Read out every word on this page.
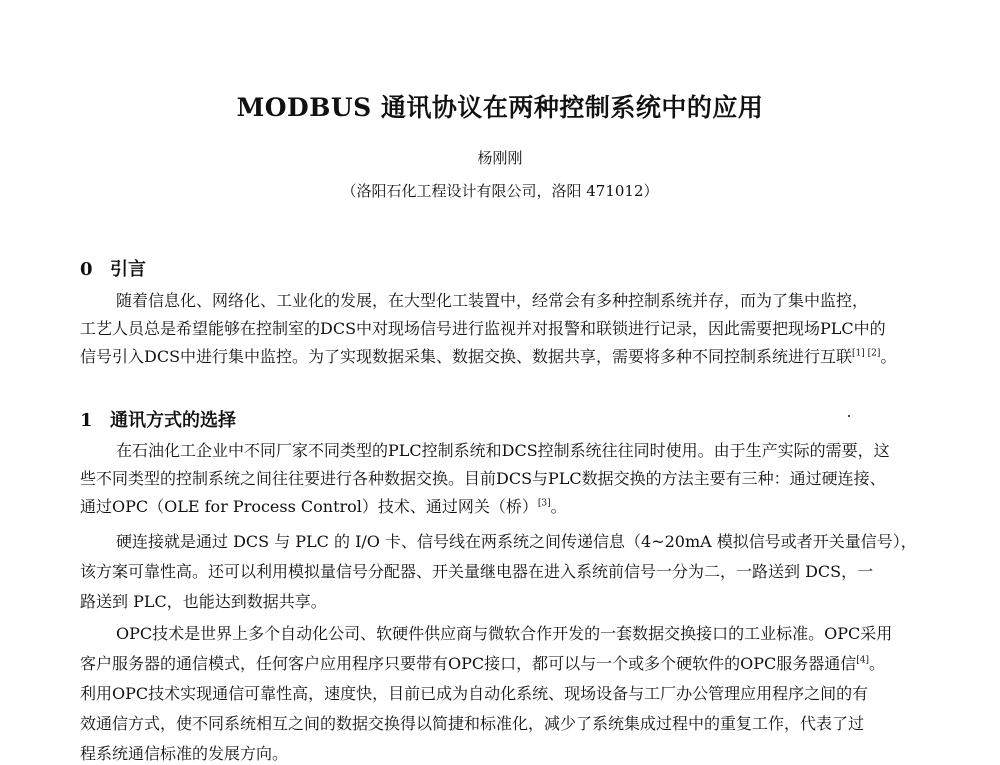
MODBUS 通讯协议在两种控制系统中的应用
杨刚刚
（洛阳石化工程设计有限公司，洛阳 471012）
0 引言
随着信息化、网络化、工业化的发展，在大型化工装置中，经常会有多种控制系统并存，而为了集中监控，
工艺人员总是希望能够在控制室的DCS中对现场信号进行监视并对报警和联锁进行记录，因此需要把现场PLC中的
信号引入DCS中进行集中监控。为了实现数据采集、数据交换、数据共享，需要将多种不同控制系统进行互联[1] [2]。
1 通讯方式的选择
在石油化工企业中不同厂家不同类型的PLC控制系统和DCS控制系统往往同时使用。由于生产实际的需要，这
些不同类型的控制系统之间往往要进行各种数据交换。目前DCS与PLC数据交换的方法主要有三种：通过硬连接、
通过OPC（OLE for Process Control）技术、通过网关（桥）[3]。
硬连接就是通过 DCS 与 PLC 的 I/O 卡、信号线在两系统之间传递信息（4~20mA 模拟信号或者开关量信号），
该方案可靠性高。还可以利用模拟量信号分配器、开关量继电器在进入系统前信号一分为二，一路送到 DCS，一
路送到 PLC，也能达到数据共享。
OPC技术是世界上多个自动化公司、软硬件供应商与微软合作开发的一套数据交换接口的工业标准。OPC采用
客户服务器的通信模式，任何客户应用程序只要带有OPC接口，都可以与一个或多个硬软件的OPC服务器通信[4]。
利用OPC技术实现通信可靠性高，速度快，目前已成为自动化系统、现场设备与工厂办公管理应用程序之间的有
效通信方式，使不同系统相互之间的数据交换得以简捷和标准化，减少了系统集成过程中的重复工作，代表了过
程系统通信标准的发展方向。
